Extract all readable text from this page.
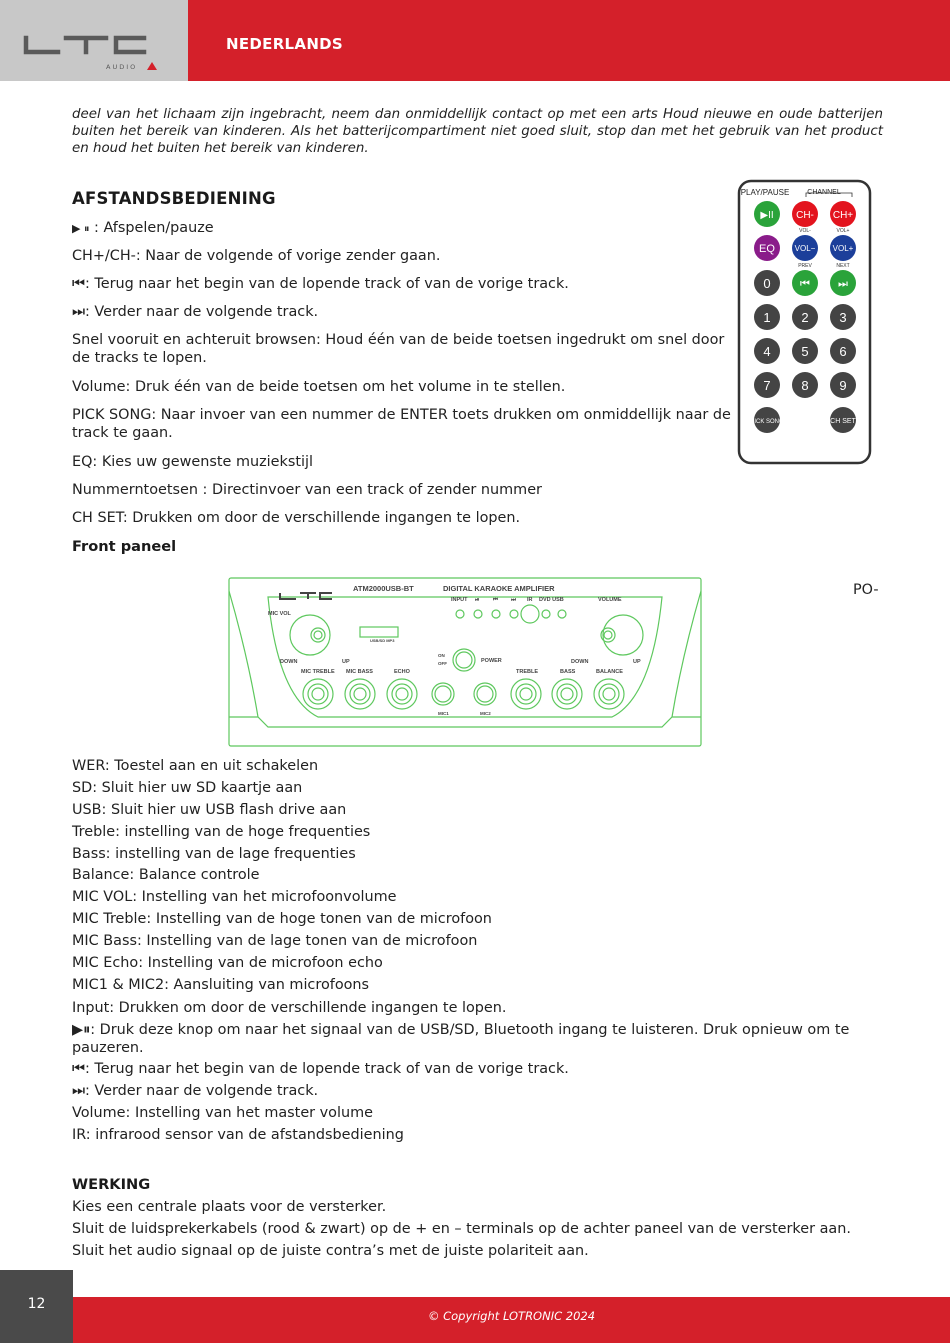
AUDIO
NEDERLANDS
deel van het lichaam zijn ingebracht, neem dan onmiddellijk contact op met een arts Houd nieuwe en oude batterijen buiten het bereik van kinderen. Als het batterijcompartiment niet goed sluit, stop dan met het gebruik van het product en houd het buiten het bereik van kinderen.
AFSTANDSBEDIENING
▶ ⏸ : Afspelen/pauze
CH+/CH-: Naar de volgende of vorige zender gaan.
⏮: Terug naar het begin van de lopende track of van de vorige track.
⏭: Verder naar de volgende track.
Snel vooruit en achteruit browsen: Houd één van de beide toetsen ingedrukt om snel door de tracks te lopen.
Volume: Druk één van de beide toetsen om het volume in te stellen.
PICK SONG: Naar invoer van een nummer de ENTER toets drukken om onmiddellijk naar de track te gaan.
EQ: Kies uw gewenste muziekstijl
Nummerntoetsen : Directinvoer van een track of zender nummer
CH SET: Drukken om door de verschillende ingangen te lopen.
PLAY/PAUSE	CHANNEL
▶II CH- CH+
VOL-	VOL+
EQ VOL− VOL+
PREV	NEXT
0	⏮	⏭
1 2 3
4 5 6
7 8 9
PICK SONG	CH SET
Front paneel
PO-
ATM2000USB-BT	DIGITAL KARAOKE AMPLIFIER
INPUT ⏯ ⏮ ⏭ IR DVD USB	VOLUME
MIC VOL
USB/SD MP3
DOWN	UP	DOWN	UP
ON
OFF	POWER
MIC TREBLE MIC BASS	ECHO	TREBLE	BASS	BALANCE
MIC1	MIC2
WER: Toestel aan en uit schakelen
SD: Sluit hier uw SD kaartje aan
USB: Sluit hier uw USB flash drive aan
Treble: instelling van de hoge frequenties
Bass: instelling van de lage frequenties
Balance: Balance controle
MIC VOL: Instelling van het microfoonvolume
MIC Treble: Instelling van de hoge tonen van de microfoon
MIC Bass: Instelling van de lage tonen van de microfoon
MIC Echo: Instelling van de microfoon echo
MIC1 & MIC2: Aansluiting van microfoons
Input: Drukken om door de verschillende ingangen te lopen.
▶⏸: Druk deze knop om naar het signaal van de USB/SD, Bluetooth ingang te luisteren. Druk opnieuw om te pauzeren.
⏮: Terug naar het begin van de lopende track of van de vorige track.
⏭: Verder naar de volgende track.
Volume: Instelling van het master volume
IR: infrarood sensor van de afstandsbediening
WERKING
Kies een centrale plaats voor de versterker.
Sluit de luidsprekerkabels (rood & zwart) op de + en – terminals op de achter paneel van de versterker aan.
Sluit het audio signaal op de juiste contra’s met de juiste polariteit aan.
12
© Copyright LOTRONIC 2024
